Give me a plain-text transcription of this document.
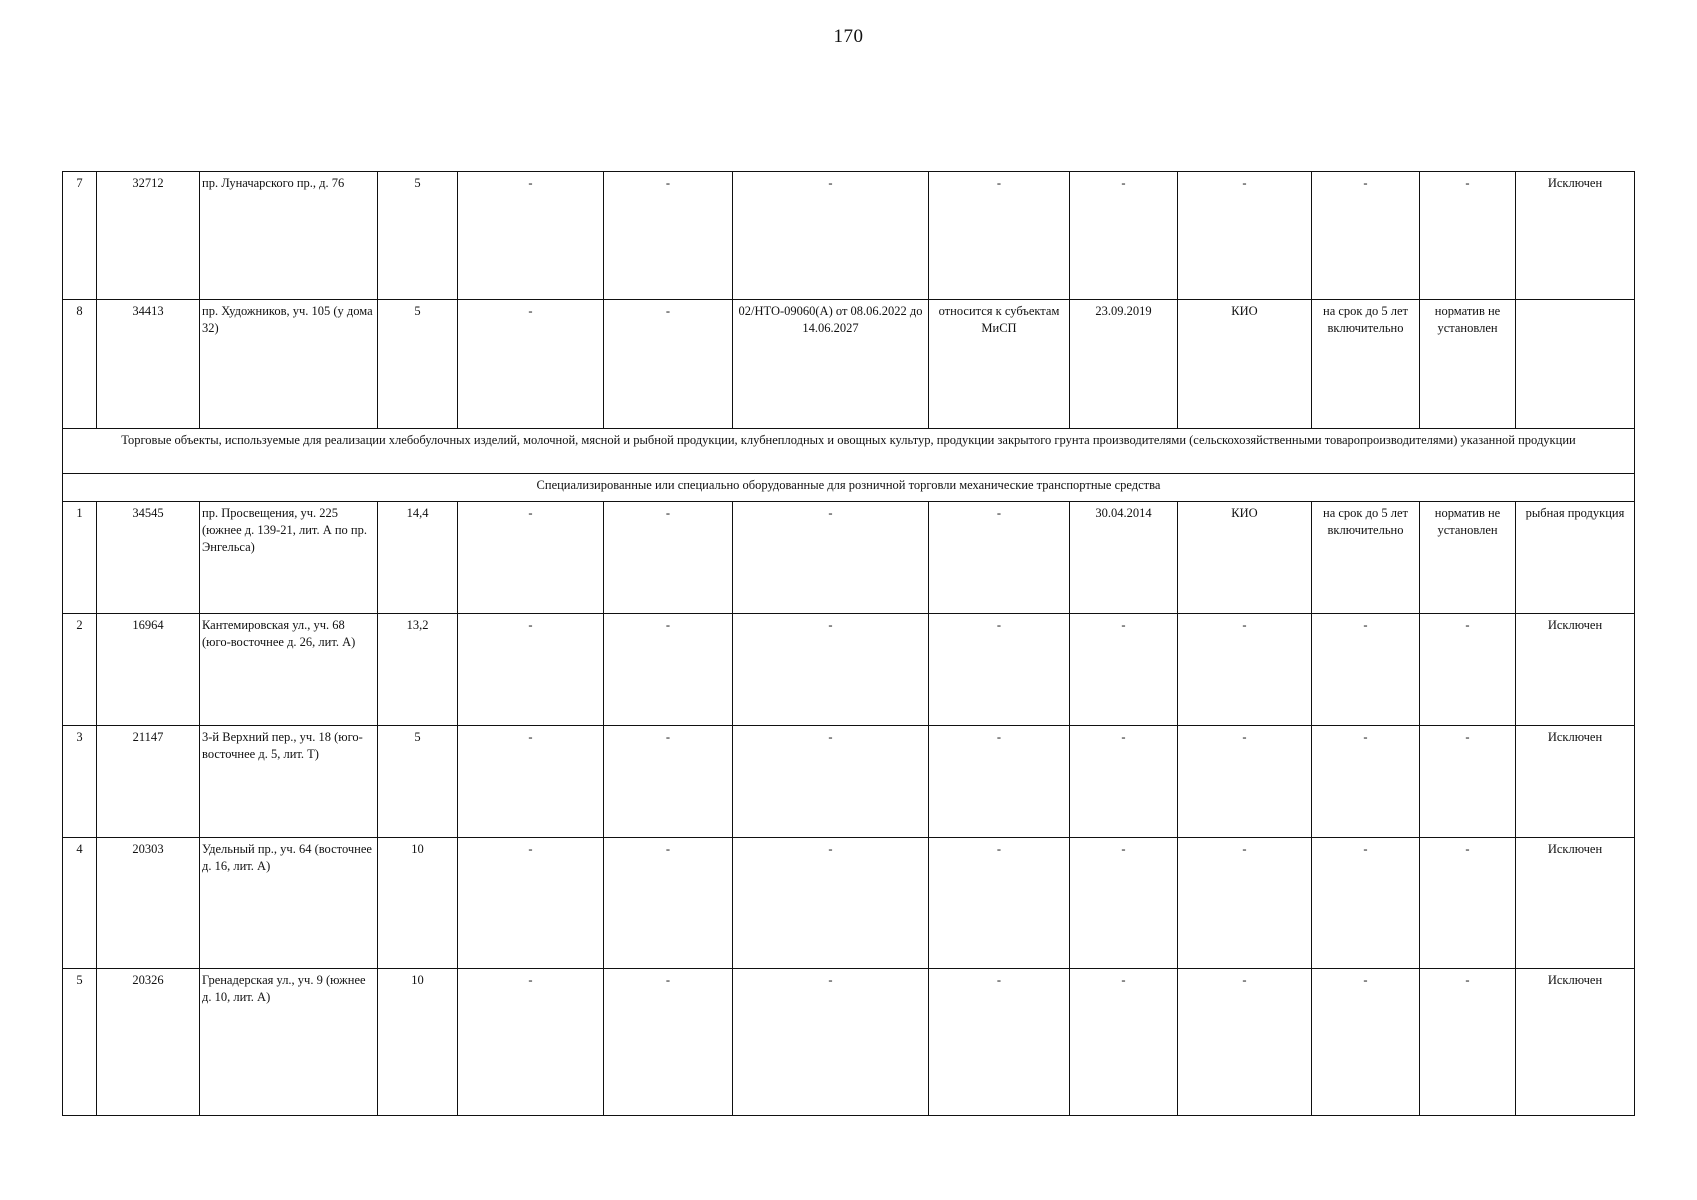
170
7	32712	пр. Луначарского пр., д. 76	5	-	-	-	-	-	-	-	-	Исключен
8	34413	пр. Художников, уч. 105 (у дома 32)	5	-	-	02/НТО-09060(А) от 08.06.2022 до 14.06.2027	относится к субъектам МиСП	23.09.2019	КИО	на срок до 5 лет включительно	норматив не установлен	
Торговые объекты, используемые для реализации хлебобулочных изделий, молочной, мясной и рыбной продукции, клубнеплодных и овощных культур, продукции закрытого грунта производителями (сельскохозяйственными товаропроизводителями) указанной продукции												
Специализированные или специально оборудованные для розничной торговли механические транспортные средства												
1	34545	пр. Просвещения, уч. 225 (южнее д. 139-21, лит. А по пр. Энгельса)	14,4	-	-	-	-	30.04.2014	КИО	на срок до 5 лет включительно	норматив не установлен	рыбная продукция
2	16964	Кантемировская ул., уч. 68 (юго-восточнее д. 26, лит. А)	13,2	-	-	-	-	-	-	-	-	Исключен
3	21147	3-й Верхний пер., уч. 18 (юго-восточнее д. 5, лит. Т)	5	-	-	-	-	-	-	-	-	Исключен
4	20303	Удельный пр., уч. 64 (восточнее д. 16, лит. А)	10	-	-	-	-	-	-	-	-	Исключен
5	20326	Гренадерская ул., уч. 9 (южнее д. 10, лит. А)	10	-	-	-	-	-	-	-	-	Исключен
